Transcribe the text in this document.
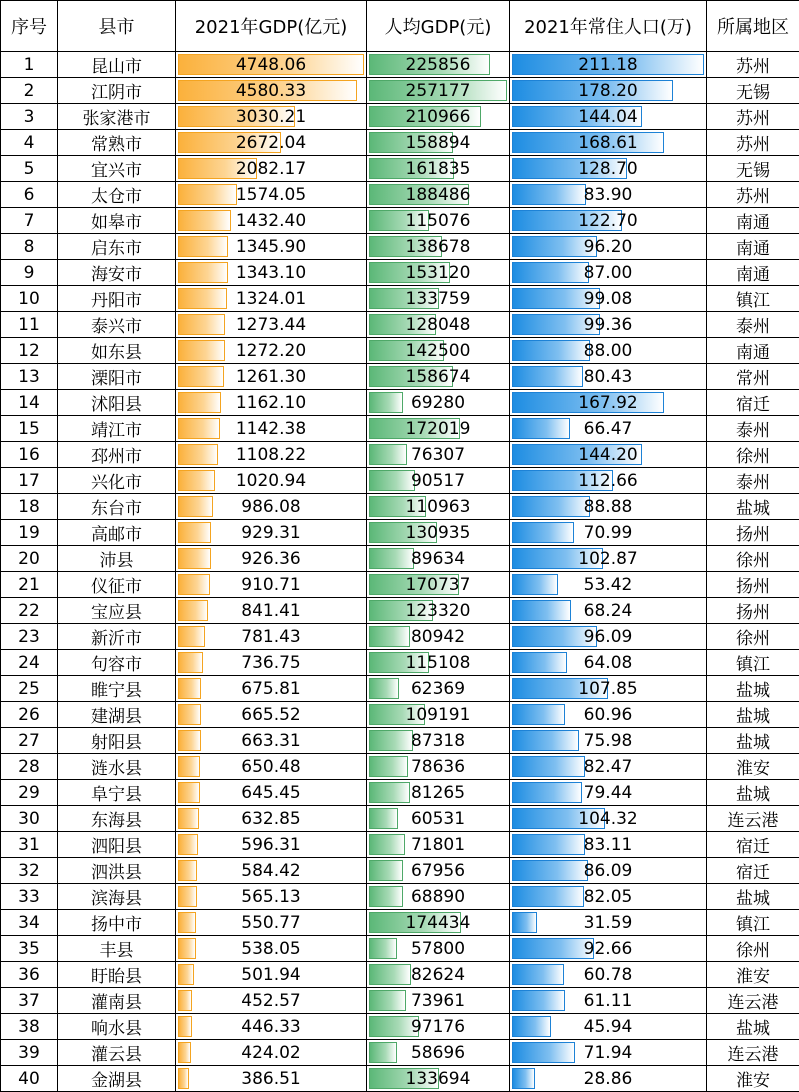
序号	县市	2021年GDP(亿元)	人均GDP(元)	2021年常住人口(万)	所属地区
1	昆山市	4748.06	225856	211.18	苏州
2	江阴市	4580.33	257177	178.20	无锡
3	张家港市	3030.21	210966	144.04	苏州
4	常熟市	2672.04	158894	168.61	苏州
5	宜兴市	2082.17	161835	128.70	无锡
6	太仓市	1574.05	188486	83.90	苏州
7	如皋市	1432.40	115076	122.70	南通
8	启东市	1345.90	138678	96.20	南通
9	海安市	1343.10	153120	87.00	南通
10	丹阳市	1324.01	133759	99.08	镇江
11	泰兴市	1273.44	128048	99.36	泰州
12	如东县	1272.20	142500	88.00	南通
13	溧阳市	1261.30	158674	80.43	常州
14	沭阳县	1162.10	69280	167.92	宿迁
15	靖江市	1142.38	172019	66.47	泰州
16	邳州市	1108.22	76307	144.20	徐州
17	兴化市	1020.94	90517	112.66	泰州
18	东台市	986.08	110963	88.88	盐城
19	高邮市	929.31	130935	70.99	扬州
20	沛县	926.36	89634	102.87	徐州
21	仪征市	910.71	170737	53.42	扬州
22	宝应县	841.41	123320	68.24	扬州
23	新沂市	781.43	80942	96.09	徐州
24	句容市	736.75	115108	64.08	镇江
25	睢宁县	675.81	62369	107.85	盐城
26	建湖县	665.52	109191	60.96	盐城
27	射阳县	663.31	87318	75.98	盐城
28	涟水县	650.48	78636	82.47	淮安
29	阜宁县	645.45	81265	79.44	盐城
30	东海县	632.85	60531	104.32	连云港
31	泗阳县	596.31	71801	83.11	宿迁
32	泗洪县	584.42	67956	86.09	宿迁
33	滨海县	565.13	68890	82.05	盐城
34	扬中市	550.77	174434	31.59	镇江
35	丰县	538.05	57800	92.66	徐州
36	盱眙县	501.94	82624	60.78	淮安
37	灌南县	452.57	73961	61.11	连云港
38	响水县	446.33	97176	45.94	盐城
39	灌云县	424.02	58696	71.94	连云港
40	金湖县	386.51	133694	28.86	淮安
